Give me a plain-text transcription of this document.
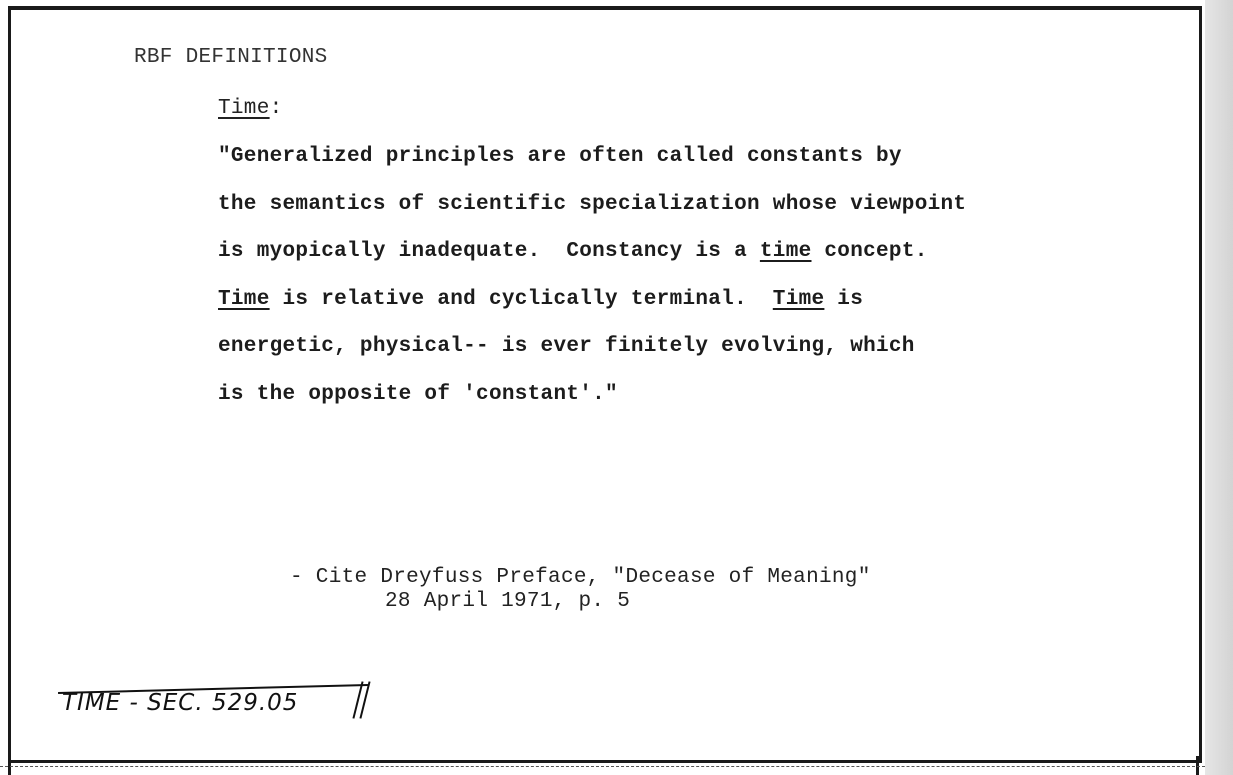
RBF DEFINITIONS
Time:
"Generalized principles are often called constants by
the semantics of scientific specialization whose viewpoint
is myopically inadequate.  Constancy is a time concept.
Time is relative and cyclically terminal.  Time is
energetic, physical-- is ever finitely evolving, which
is the opposite of 'constant'."
- Cite Dreyfuss Preface, "Decease of Meaning"
28 April 1971, p. 5
TIME - SEC. 529.05
